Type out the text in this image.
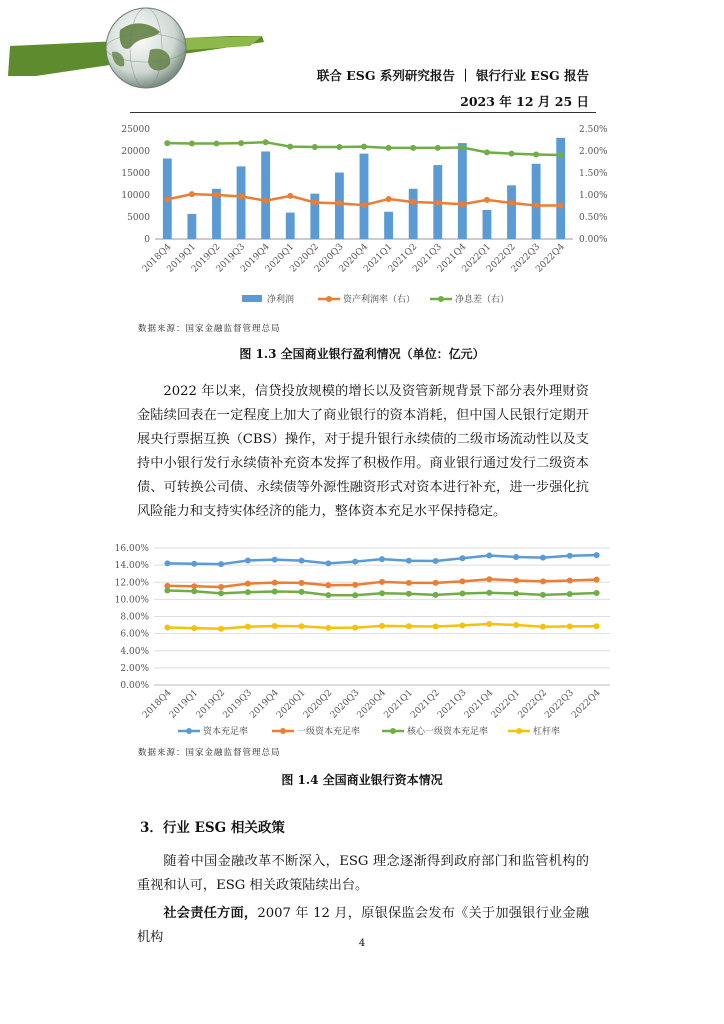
联合 ESG 系列研究报告 ｜ 银行行业 ESG 报告
2023 年 12 月 25 日
0
5000
10000
15000
20000
25000
0.00%
0.50%
1.00%
1.50%
2.00%
2.50%
2018Q4
2019Q1
2019Q2
2019Q3
2019Q4
2020Q1
2020Q2
2020Q3
2020Q4
2021Q1
2021Q2
2021Q3
2021Q4
2022Q1
2022Q2
2022Q3
2022Q4
净利润	资产利润率（右）	净息差（右）
数据来源：国家金融监督管理总局
图 1.3 全国商业银行盈利情况（单位：亿元）

2022 年以来，信贷投放规模的增长以及资管新规背景下部分表外理财资金陆续回表在一定程度上加大了商业银行的资本消耗，但中国人民银行定期开展央行票据互换（CBS）操作，对于提升银行永续债的二级市场流动性以及支持中小银行发行永续债补充资本发挥了积极作用。商业银行通过发行二级资本债、可转换公司债、永续债等外源性融资形式对资本进行补充，进一步强化抗风险能力和支持实体经济的能力，整体资本充足水平保持稳定。

0.00%
2.00%
4.00%
6.00%
8.00%
10.00%
12.00%
14.00%
16.00%
2018Q4
2019Q1
2019Q2
2019Q3
2019Q4
2020Q1
2020Q2
2020Q3
2020Q4
2021Q1
2021Q2
2021Q3
2021Q4
2022Q1
2022Q2
2022Q3
2022Q4
资本充足率	一级资本充足率	核心一级资本充足率	杠杆率
数据来源：国家金融监督管理总局
图 1.4 全国商业银行资本情况
3．行业 ESG 相关政策

随着中国金融改革不断深入，ESG 理念逐渐得到政府部门和监管机构的重视和认可，ESG 相关政策陆续出台。

社会责任方面，2007 年 12 月，原银保监会发布《关于加强银行业金融机构	4
